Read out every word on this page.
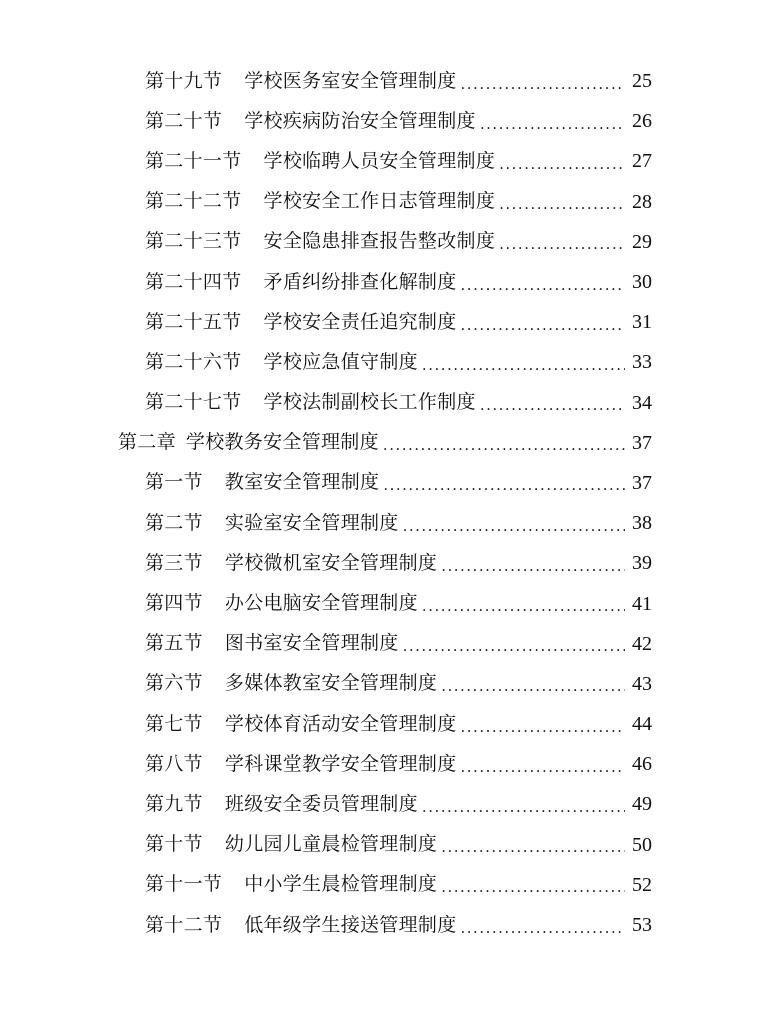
第十九节 学校医务室安全管理制度 .....	25
第二十节 学校疾病防治安全管理制度 .....	26
第二十一节 学校临聘人员安全管理制度 .....	27
第二十二节 学校安全工作日志管理制度 .....	28
第二十三节 安全隐患排查报告整改制度 .....	29
第二十四节 矛盾纠纷排查化解制度 .....	30
第二十五节 学校安全责任追究制度 .....	31
第二十六节 学校应急值守制度 .....	33
第二十七节 学校法制副校长工作制度 .....	34
第二章 学校教务安全管理制度 .....	37
第一节 教室安全管理制度 .....	37
第二节 实验室安全管理制度 .....	38
第三节 学校微机室安全管理制度 .....	39
第四节 办公电脑安全管理制度 .....	41
第五节 图书室安全管理制度 .....	42
第六节 多媒体教室安全管理制度 .....	43
第七节 学校体育活动安全管理制度 .....	44
第八节 学科课堂教学安全管理制度 .....	46
第九节 班级安全委员管理制度 .....	49
第十节 幼儿园儿童晨检管理制度 .....	50
第十一节 中小学生晨检管理制度 .....	52
第十二节 低年级学生接送管理制度 .....	53
